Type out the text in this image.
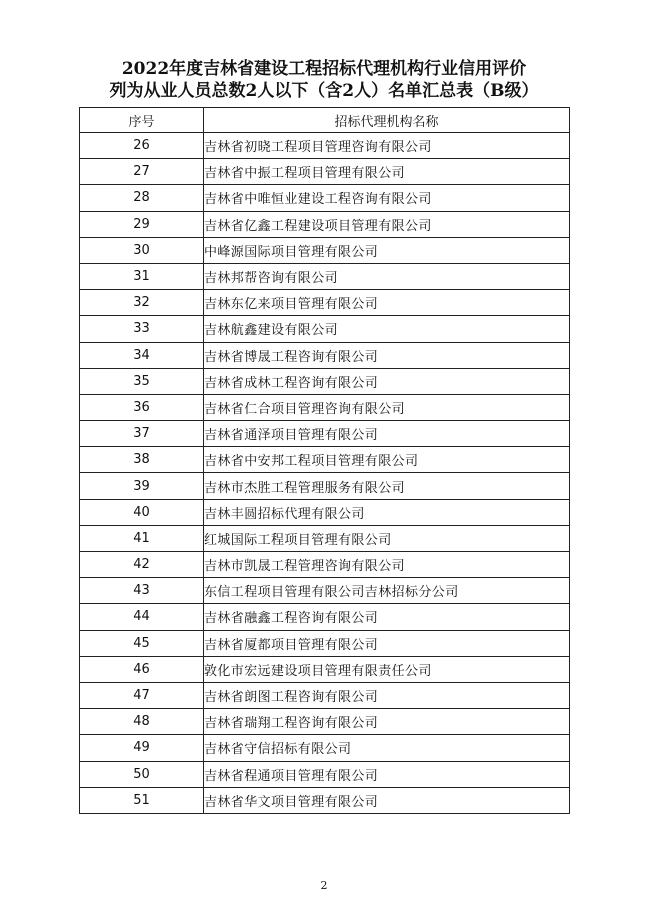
2022年度吉林省建设工程招标代理机构行业信用评价
列为从业人员总数2人以下（含2人）名单汇总表（B级）
序号	招标代理机构名称
26	吉林省初晓工程项目管理咨询有限公司
27	吉林省中振工程项目管理有限公司
28	吉林省中唯恒业建设工程咨询有限公司
29	吉林省亿鑫工程建设项目管理有限公司
30	中峰源国际项目管理有限公司
31	吉林邦帮咨询有限公司
32	吉林东亿来项目管理有限公司
33	吉林航鑫建设有限公司
34	吉林省博晟工程咨询有限公司
35	吉林省成林工程咨询有限公司
36	吉林省仁合项目管理咨询有限公司
37	吉林省通泽项目管理有限公司
38	吉林省中安邦工程项目管理有限公司
39	吉林市杰胜工程管理服务有限公司
40	吉林丰圆招标代理有限公司
41	红城国际工程项目管理有限公司
42	吉林市凯晟工程管理咨询有限公司
43	东信工程项目管理有限公司吉林招标分公司
44	吉林省融鑫工程咨询有限公司
45	吉林省厦都项目管理有限公司
46	敦化市宏远建设项目管理有限责任公司
47	吉林省朗图工程咨询有限公司
48	吉林省瑞翔工程咨询有限公司
49	吉林省守信招标有限公司
50	吉林省程通项目管理有限公司
51	吉林省华文项目管理有限公司
2
